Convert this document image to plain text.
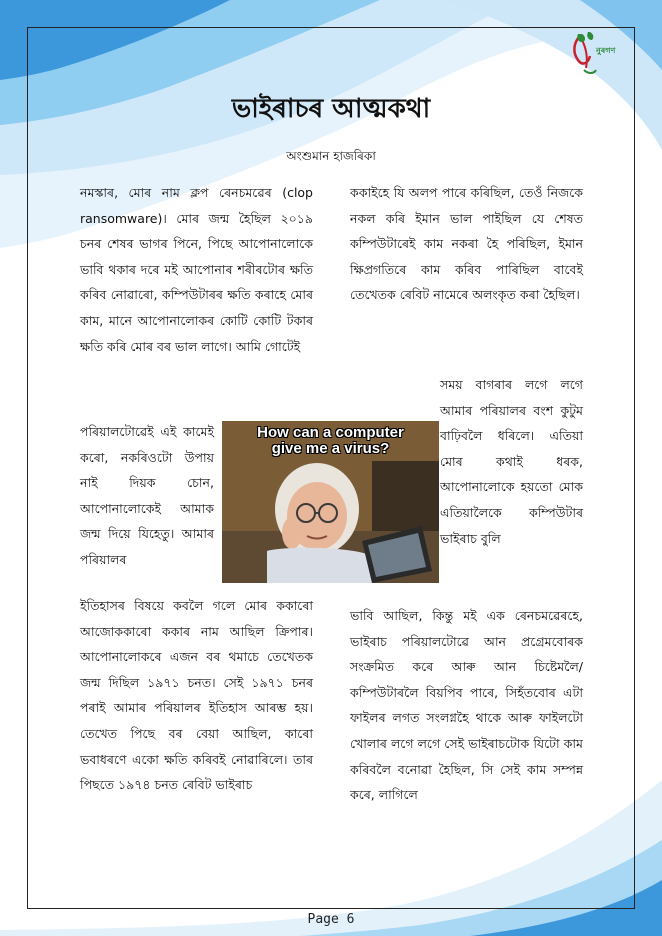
নুৰগণ
ভাইৰাচৰ আত্মকথা
অংশুমান হাজৰিকা

নমস্কাৰ, মোৰ নাম ক্লপ ৰেনচমৱেৰ (clop ransomware)। মোৰ জন্ম হৈছিল ২০১৯ চনৰ শেষৰ ভাগৰ পিনে, পিছে আপোনালোকে ভাবি থকাৰ দৰে মই আপোনাৰ শৰীৰটোৰ ক্ষতি কৰিব নোৱাৰো, কম্পিউটাৰৰ ক্ষতি কৰাহে মোৰ কাম, মানে আপোনালোকৰ কোটি কোটি টকাৰ ক্ষতি কৰি মোৰ বৰ ভাল লাগে। আমি গোটেই

পৰিয়ালটোৱেই এই কামেই কৰো, নকৰিওটো উপায় নাই দিয়ক চোন, আপোনালোকেই আমাক জন্ম দিয়ে যিহেতু। আমাৰ পৰিয়ালৰ

ইতিহাসৰ বিষয়ে কবলৈ গলে মোৰ ককাৰো আজোককাৰো ককাৰ নাম আছিল ক্রিপাৰ। আপোনালোকৰে এজন বৰ থমাচে তেখেতক জন্ম দিছিল ১৯৭১ চনত। সেই ১৯৭১ চনৰ পৰাই আমাৰ পৰিয়ালৰ ইতিহাস আৰম্ভ হয়। তেখেত পিছে বৰ বেয়া আছিল, কাৰো ভবাধৰণে একো ক্ষতি কৰিবই নোৱাৰিলে। তাৰ পিছতে ১৯৭৪ চনত ৰেবিট ভাইৰাচ

ককাইহে যি অলপ পাৰে কৰিছিল, তেওঁ নিজকে নকল কৰি ইমান ভাল পাইছিল যে শেষত কম্পিউটাৰেই কাম নকৰা হৈ পৰিছিল, ইমান ক্ষিপ্ৰগতিৰে কাম কৰিব পাৰিছিল বাবেই তেখেতক ৰেবিট নামেৰে অলংকৃত কৰা হৈছিল।

সময় বাগৰাৰ লগে লগে আমাৰ পৰিয়ালৰ বংশ কুটুম বাঢ়িবলৈ ধৰিলে। এতিয়া মোৰ কথাই ধৰক, আপোনালোকে হয়তো মোক এতিয়ালৈকে কম্পিউটাৰ ভাইৰাচ বুলি

ভাবি আছিল, কিন্তু মই এক ৰেনচমৱেৰহে, ভাইৰাচ পৰিয়ালটোৱে আন প্ৰগ্ৰেমবোৰক সংক্ৰমিত কৰে আৰু আন চিষ্টেমলৈ/কম্পিউটাৰলৈ বিয়পিব পাৰে, সিহঁতবোৰ এটা ফাইলৰ লগত সংলগ্নহৈ থাকে আৰু ফাইলটো খোলাৰ লগে লগে সেই ভাইৰাচটোক যিটো কাম কৰিবলৈ বনোৱা হৈছিল, সি সেই কাম সম্পন্ন কৰে, লাগিলে

How can a computer
give me a virus?
Page 6
